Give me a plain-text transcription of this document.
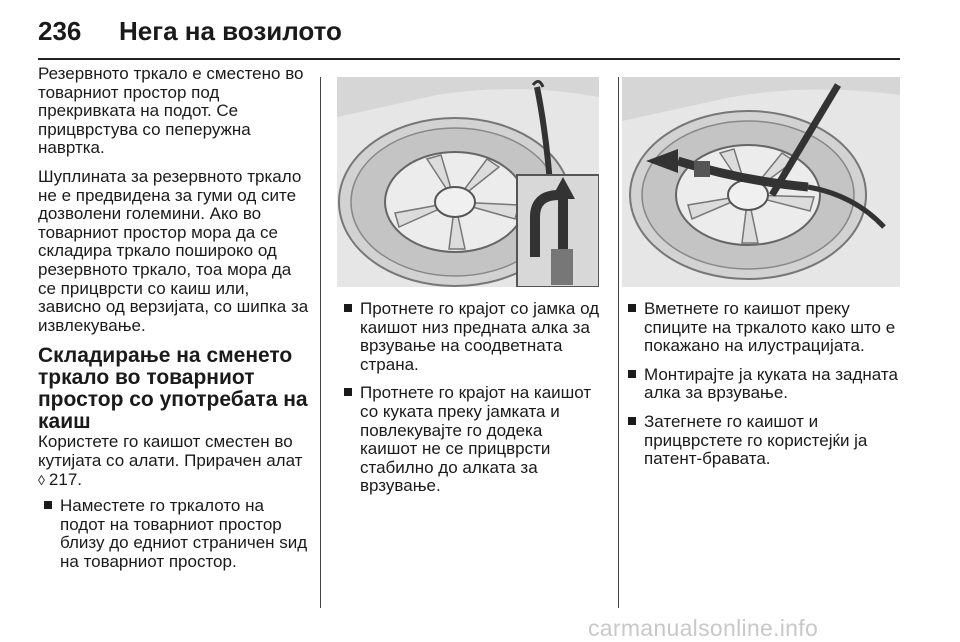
236 Нега на возилото

Резервното тркало е сместено во товарниот простор под прекривката на подот. Се прицврстува со пеперужна навртка.

Шуплината за резервното тркало не е предвидена за гуми од сите дозволени големини. Ако во товарниот простор мора да се складира тркало пошироко од резервното тркало, тоа мора да се прицврсти со каиш или, зависно од верзијата, со шипка за извлекување.

Складирање на сменето тркало во товарниот простор со употребата на каиш

Користете го каишот сместен во кутијата со алати. Прирачен алат
◊ 217.

Наместете го тркалото на подот на товарниот простор близу до едниот страничен ѕид на товарниот простор.
Протнете го крајот со јамка од каишот низ предната алка за врзување на соодветната страна.
Протнете го крајот на каишот со куката преку јамката и повлекувајте го додека каишот не се прицврсти стабилно до алката за врзување.
Вметнете го каишот преку спиците на тркалото како што е покажано на илустрацијата.
Монтирајте ја куката на задната алка за врзување.
Затегнете го каишот и прицврстете го користејќи ја патент-бравата.
carmanualsonline.info
